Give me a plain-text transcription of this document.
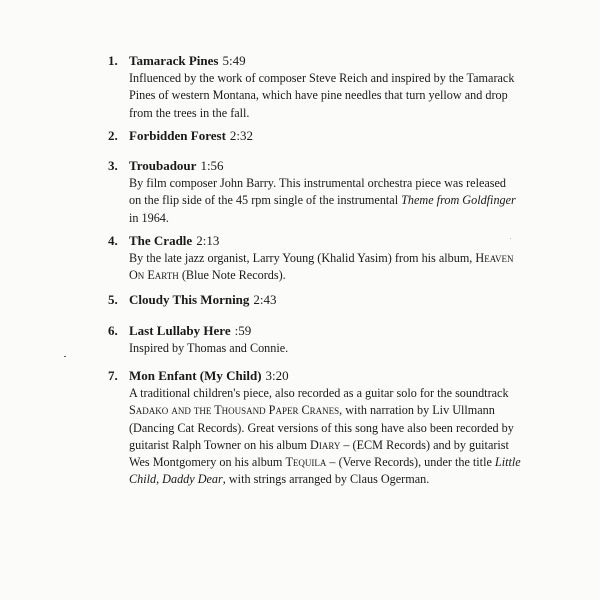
1. Tamarack Pines 5:49
Influenced by the work of composer Steve Reich and inspired by the Tamarack
Pines of western Montana, which have pine needles that turn yellow and drop
from the trees in the fall.
2. Forbidden Forest 2:32
3. Troubadour 1:56
By film composer John Barry. This instrumental orchestra piece was released
on the flip side of the 45 rpm single of the instrumental Theme from Goldfinger
in 1964.
4. The Cradle 2:13
By the late jazz organist, Larry Young (Khalid Yasim) from his album, Heaven
On Earth (Blue Note Records).
5. Cloudy This Morning 2:43
6. Last Lullaby Here :59
Inspired by Thomas and Connie.
7. Mon Enfant (My Child) 3:20
A traditional children's piece, also recorded as a guitar solo for the soundtrack
Sadako and the Thousand Paper Cranes, with narration by Liv Ullmann
(Dancing Cat Records). Great versions of this song have also been recorded by
guitarist Ralph Towner on his album Diary – (ECM Records) and by guitarist
Wes Montgomery on his album Tequila – (Verve Records), under the title Little
Child, Daddy Dear, with strings arranged by Claus Ogerman.
